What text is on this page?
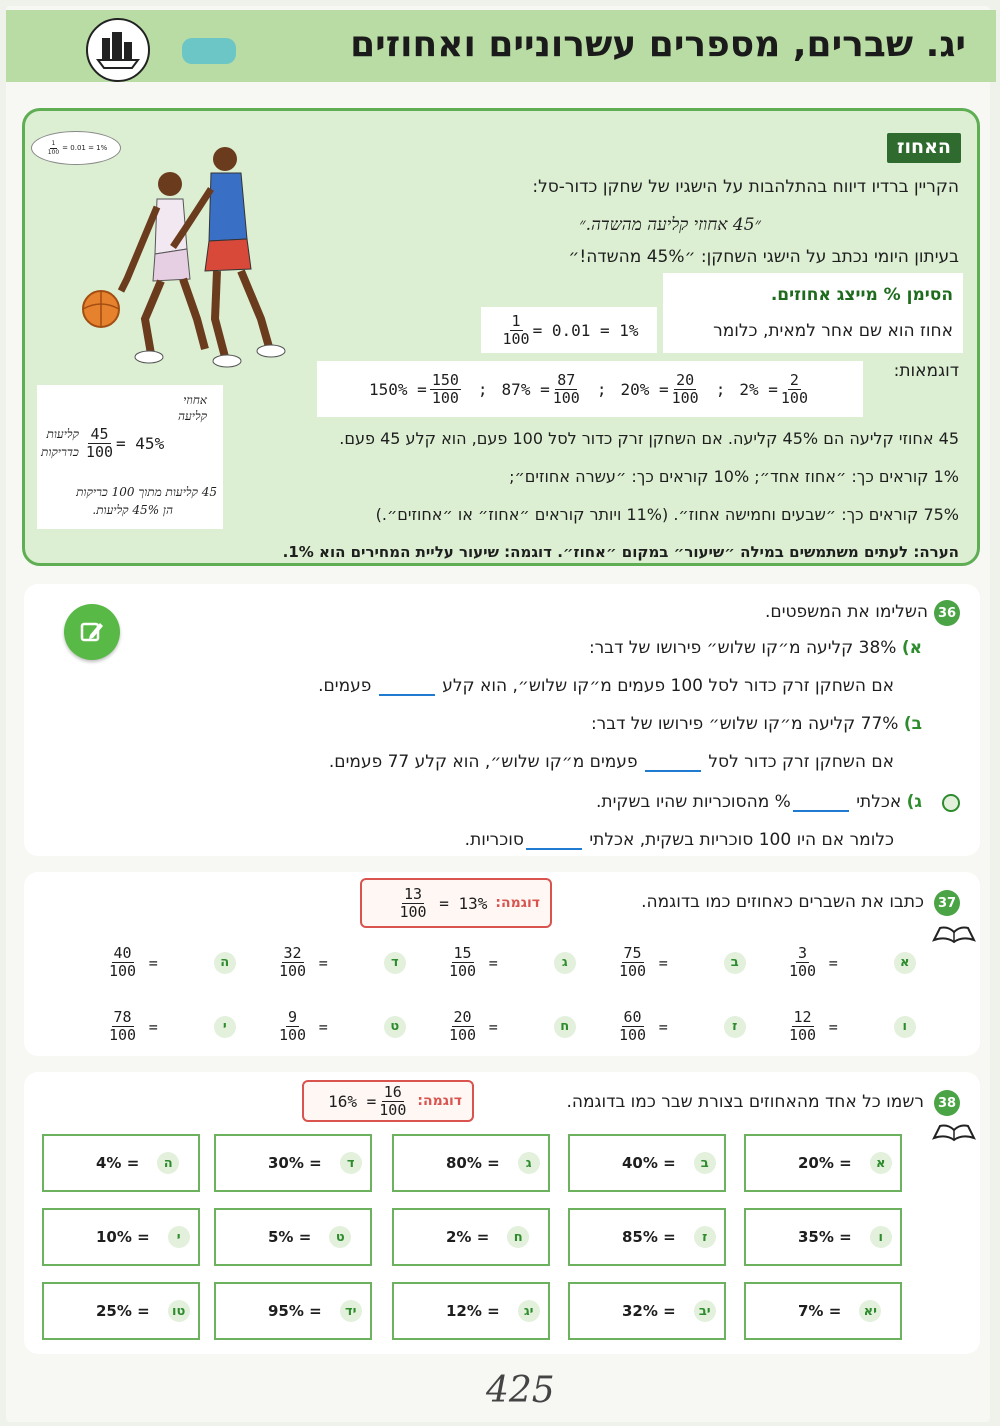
יג. שברים, מספרים עשרוניים ואחוזים
האחוז
הקריין ברדיו דיווח בהתלהבות על הישגיו של שחקן כדור-סל:
״45 אחוזי קליעה מהשדה.״
בעיתון היומי נכתב על הישגי השחקן: ״45% מהשדה!״
הסימן % מייצג אחוזים.
אחוז הוא שם אחר למאית, כלומר
$\frac{1}{100} = 0.01 = 1\%$
דוגמאות:
$150\% = \frac{150}{100}$ ; $87\% = \frac{87}{100}$ ; $20\% = \frac{20}{100}$ ; $2\% = \frac{2}{100}$
45 אחוזי קליעה הם 45% קליעה. אם השחקן זרק כדור לסל 100 פעם, הוא קלע 45 פעם.
1% קוראים כך: ״אחוז אחד״; 10% קוראים כך: ״עשרה אחוזים״;
75% קוראים כך: ״שבעים וחמישה אחוז״. (11% ויותר קוראים ״אחוז״ או ״אחוזים״.)
הערה: לעתים משתמשים במילה ״שיעור״ במקום ״אחוז״. דוגמה: שיעור עליית המחירים הוא 1%.
$\frac{1}{100} = 0.01 = 1\%$
אחוזי
קליעה
קליעות
כדריקות $\frac{45}{100}$ =
45%
45 קליעות מתוך 100 כריקות
הן 45% קליעות.
36
השלימו את המשפטים.
א) 38% קליעה מ״קו שלוש״ פירושו של דבר:
אם השחקן זרק כדור לסל 100 פעמים מ״קו שלוש״, הוא קלע  פעמים.
ב) 77% קליעה מ״קו שלוש״ פירושו של דבר:
אם השחקן זרק כדור לסל  פעמים מ״קו שלוש״, הוא קלע 77 פעמים.
ג) אכלתי % מהסוכריות שהיו בשקית.
כלומר אם היו 100 סוכריות בשקית, אכלתי סוכריות.
37
כתבו את השברים כאחוזים כמו בדוגמה.
דוגמה:
$\frac{13}{100}$
= 13%
$\frac{3}{100}$
=	א
$\frac{75}{100}$
=	ב
$\frac{15}{100}$
=	ג
$\frac{32}{100}$
=	ד
$\frac{40}{100}$
=	ה
$\frac{12}{100}$
=	ו
$\frac{60}{100}$
=	ז
$\frac{20}{100}$
=	ח
$\frac{9}{100}$
=	ט
$\frac{78}{100}$
=	י
38
רשמו כל אחד מהאחוזים בצורת שבר כמו בדוגמה.
דוגמה:
$16\% = \frac{16}{100}$
20% =	א
40% =	ב
80% =	ג
30% =	ד
4% =	ה
35% =	ו
85% =	ז
2% =	ח
5% =	ט
10% =	י
7% =	יא
32% =	יב
12% =	יג
95% =	יד
25% =	טו
425
